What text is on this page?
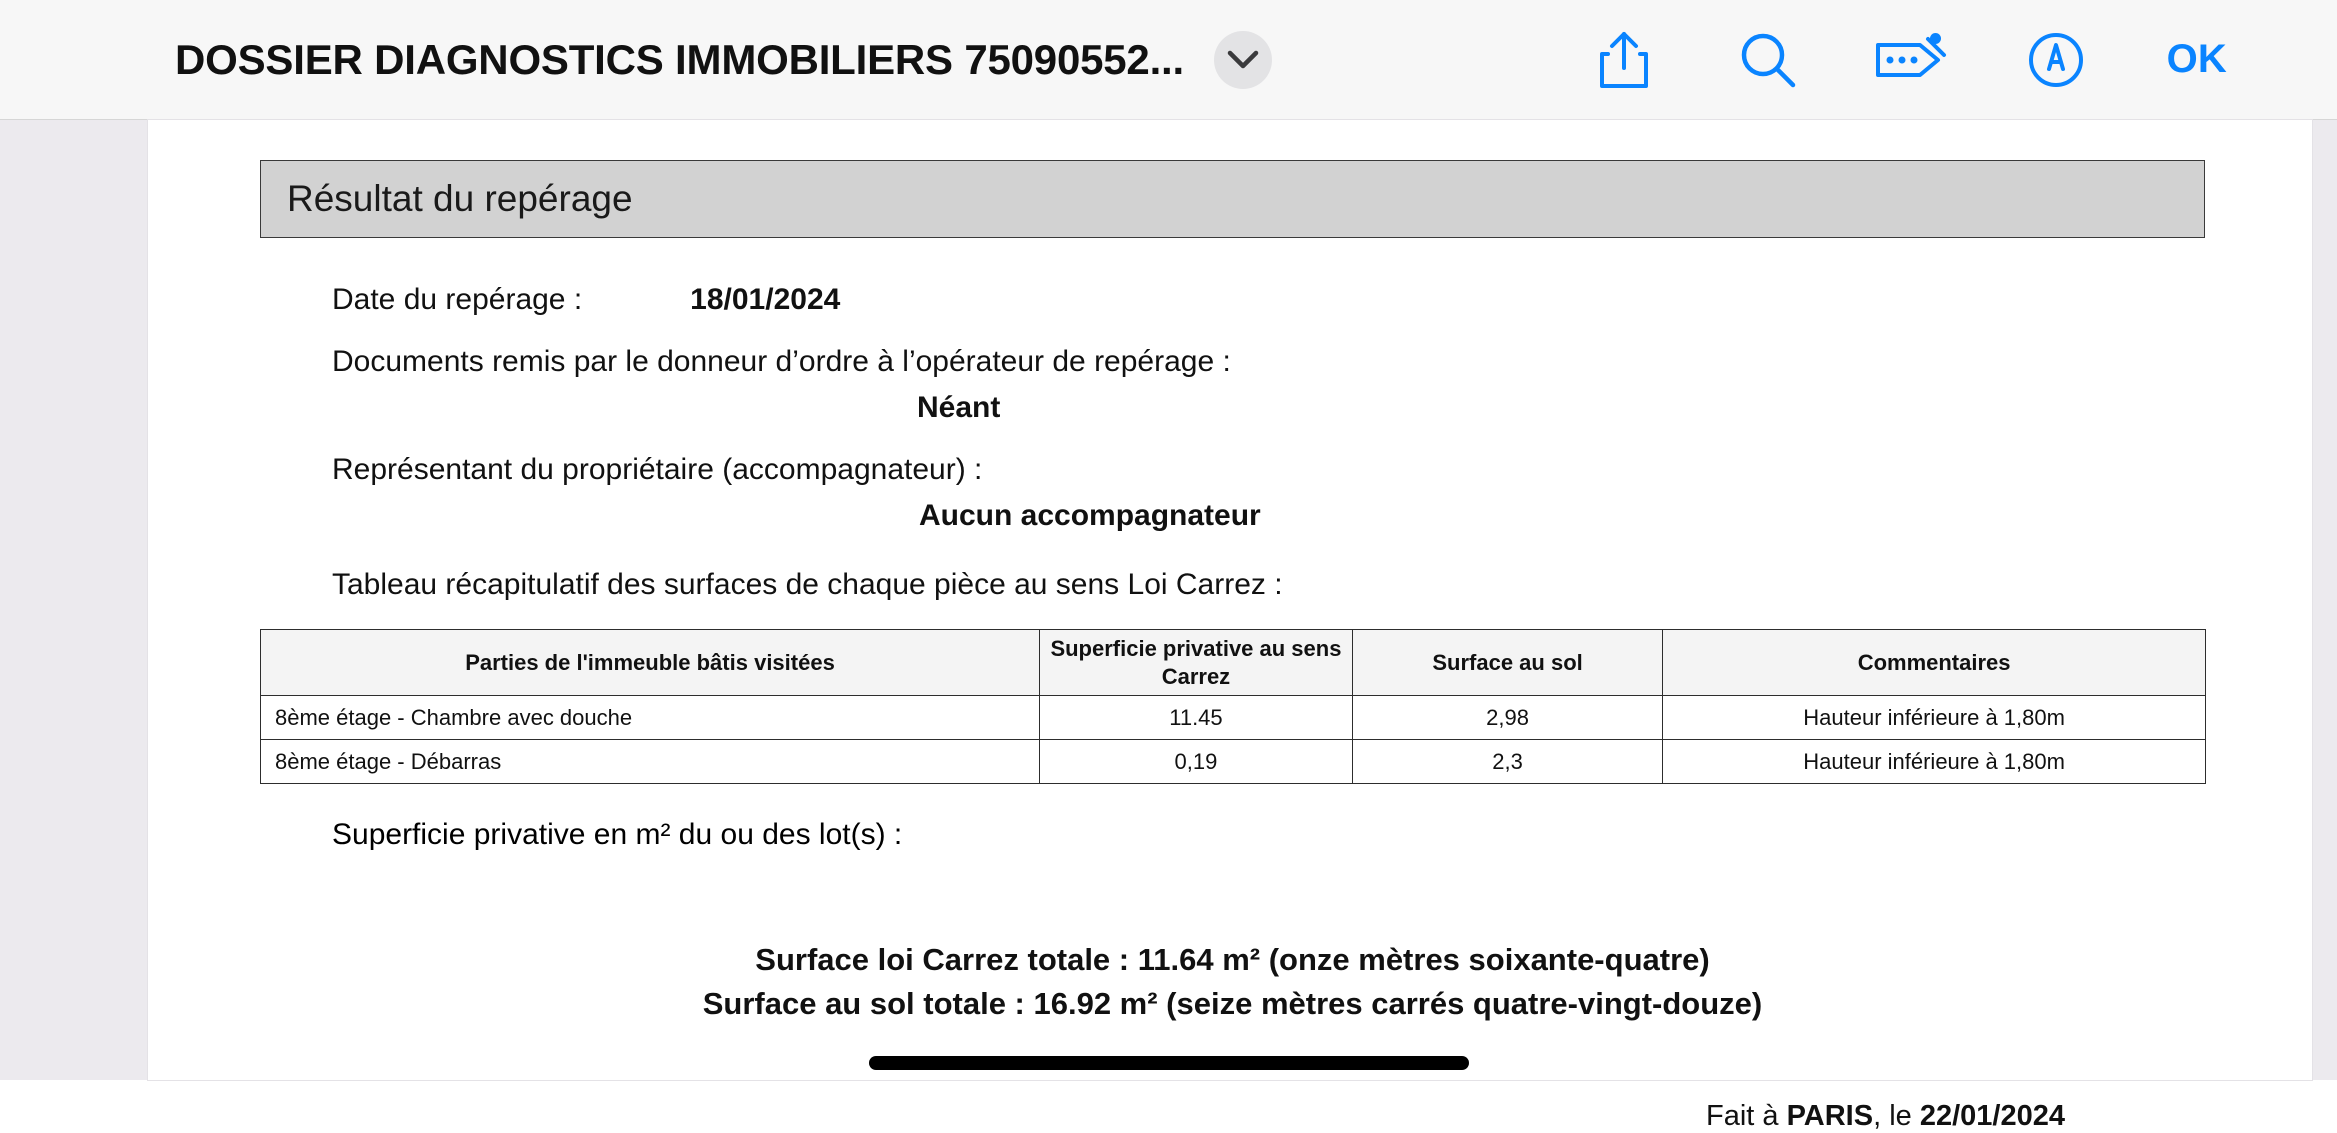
DOSSIER DIAGNOSTICS IMMOBILIERS 75090552...	OK
Résultat du repérage
Date du repérage :	18/01/2024
Documents remis par le donneur d’ordre à l’opérateur de repérage :
Néant
Représentant du propriétaire (accompagnateur) :
Aucun accompagnateur
Tableau récapitulatif des surfaces de chaque pièce au sens Loi Carrez :
Parties de l'immeuble bâtis visitées	Superficie privative au sens Carrez	Surface au sol	Commentaires
8ème étage - Chambre avec douche	11.45	2,98	Hauteur inférieure à 1,80m
8ème étage - Débarras	0,19	2,3	Hauteur inférieure à 1,80m
Superficie privative en m² du ou des lot(s) :
Surface loi Carrez totale : 11.64 m² (onze mètres soixante-quatre)
Surface au sol totale : 16.92 m² (seize mètres carrés quatre-vingt-douze)
Fait à PARIS, le 22/01/2024
